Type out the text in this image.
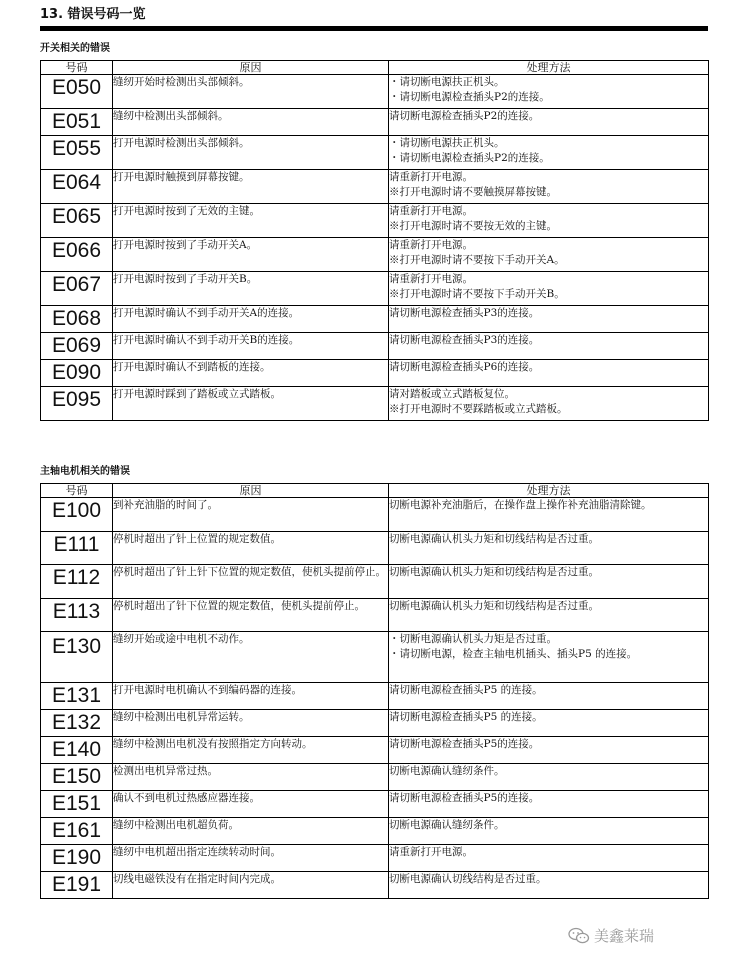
13. 错误号码一览
开关相关的错误
号码	原因	处理方法
E050	缝纫开始时检测出头部倾斜。	・请切断电源扶正机头。
・请切断电源检查插头P2的连接。
E051	缝纫中检测出头部倾斜。	请切断电源检查插头P2的连接。
E055	打开电源时检测出头部倾斜。	・请切断电源扶正机头。
・请切断电源检查插头P2的连接。
E064	打开电源时触摸到屏幕按键。	请重新打开电源。
※打开电源时请不要触摸屏幕按键。
E065	打开电源时按到了无效的主键。	请重新打开电源。
※打开电源时请不要按无效的主键。
E066	打开电源时按到了手动开关A。	请重新打开电源。
※打开电源时请不要按下手动开关A。
E067	打开电源时按到了手动开关B。	请重新打开电源。
※打开电源时请不要按下手动开关B。
E068	打开电源时确认不到手动开关A的连接。	请切断电源检查插头P3的连接。
E069	打开电源时确认不到手动开关B的连接。	请切断电源检查插头P3的连接。
E090	打开电源时确认不到踏板的连接。	请切断电源检查插头P6的连接。
E095	打开电源时踩到了踏板或立式踏板。	请对踏板或立式踏板复位。
※打开电源时不要踩踏板或立式踏板。
主轴电机相关的错误
号码	原因	处理方法
E100	到补充油脂的时间了。	切断电源补充油脂后，在操作盘上操作补充油脂清除键。
E111	停机时超出了针上位置的规定数值。	切断电源确认机头力矩和切线结构是否过重。
E112	停机时超出了针上针下位置的规定数值，使机头提前停止。	切断电源确认机头力矩和切线结构是否过重。
E113	停机时超出了针下位置的规定数值，使机头提前停止。	切断电源确认机头力矩和切线结构是否过重。
E130	缝纫开始或途中电机不动作。	・切断电源确认机头力矩是否过重。
・请切断电源，检查主轴电机插头、插头P5 的连接。
E131	打开电源时电机确认不到编码器的连接。	请切断电源检查插头P5 的连接。
E132	缝纫中检测出电机异常运转。	请切断电源检查插头P5 的连接。
E140	缝纫中检测出电机没有按照指定方向转动。	请切断电源检查插头P5的连接。
E150	检测出电机异常过热。	切断电源确认缝纫条件。
E151	确认不到电机过热感应器连接。	请切断电源检查插头P5的连接。
E161	缝纫中检测出电机超负荷。	切断电源确认缝纫条件。
E190	缝纫中电机超出指定连续转动时间。	请重新打开电源。
E191	切线电磁铁没有在指定时间内完成。	切断电源确认切线结构是否过重。
美鑫莱瑞
